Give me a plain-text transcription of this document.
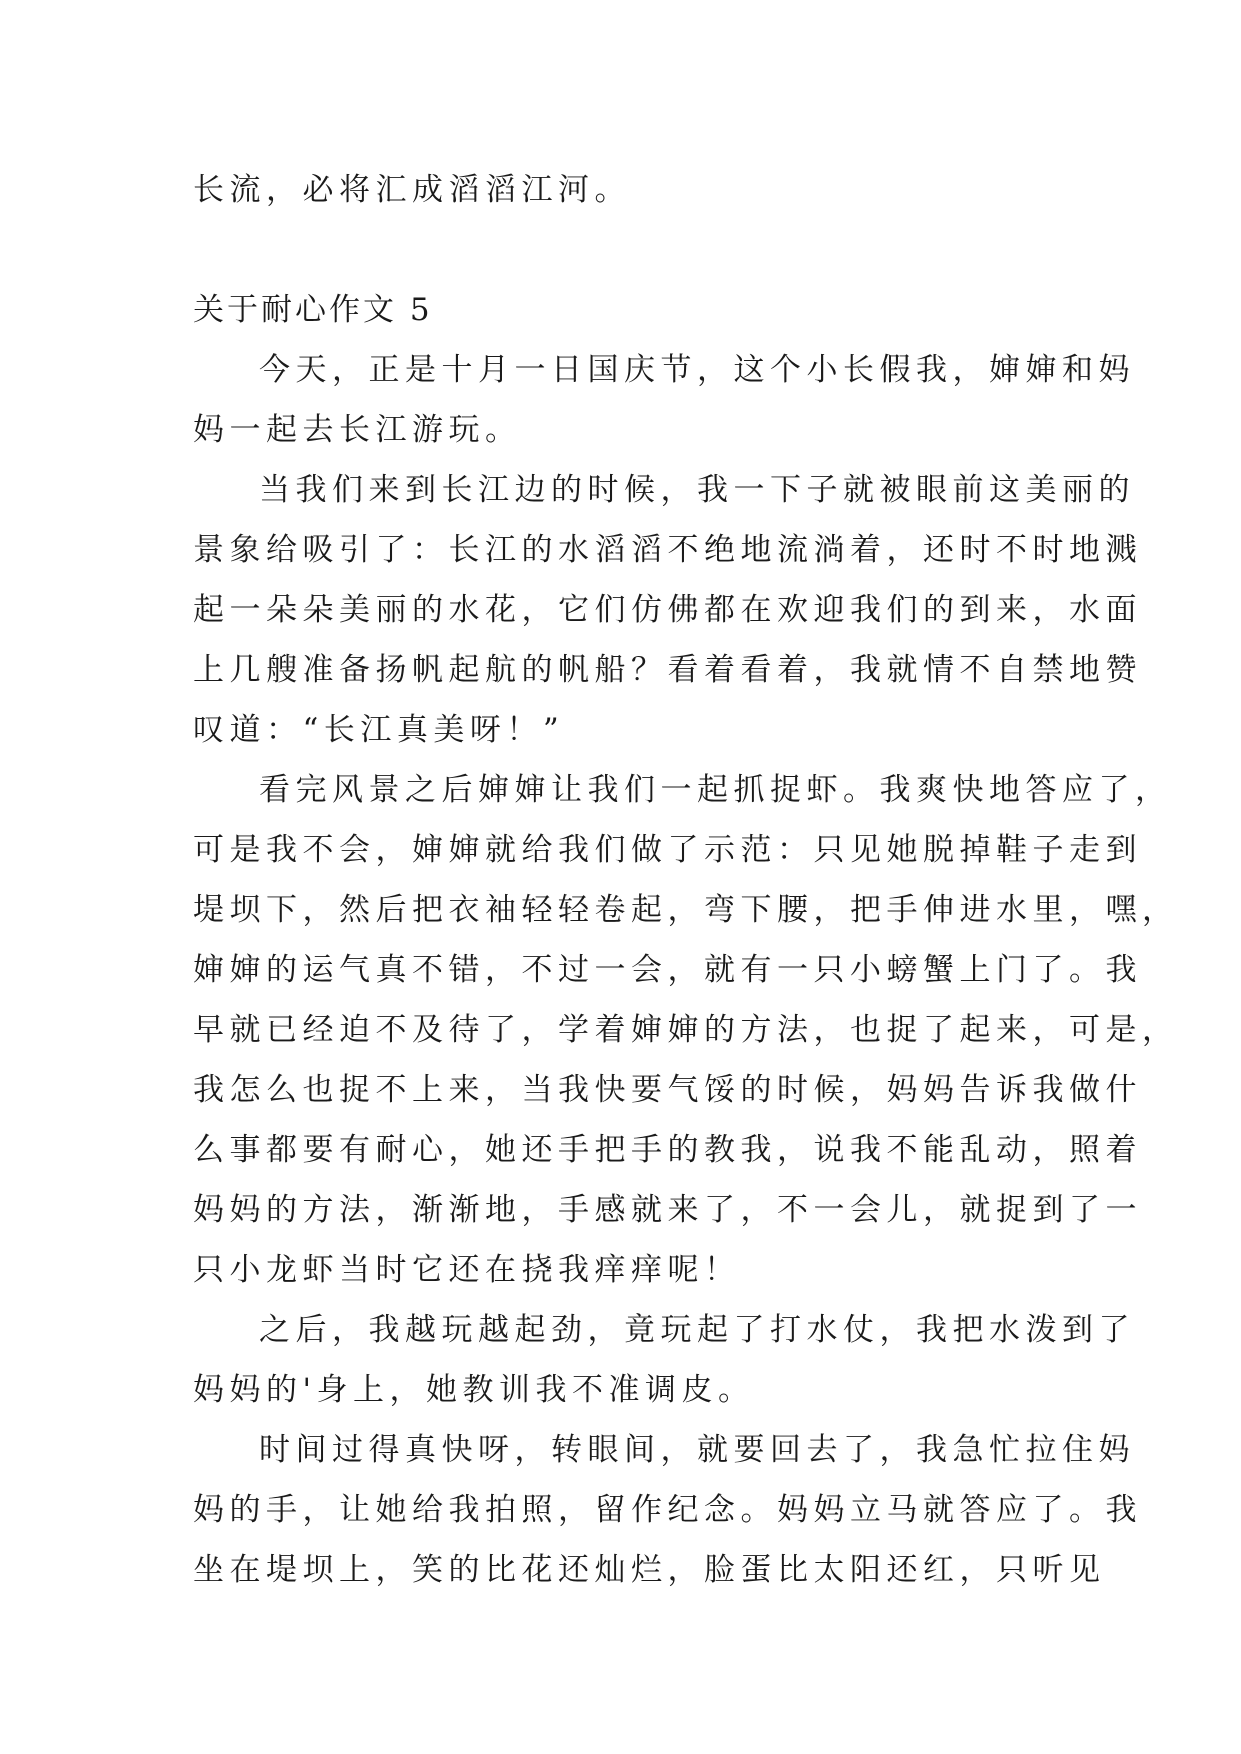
长流，必将汇成滔滔江河。
关于耐心作文 5
今天，正是十月一日国庆节，这个小长假我，婶婶和妈
妈一起去长江游玩。
当我们来到长江边的时候，我一下子就被眼前这美丽的
景象给吸引了：长江的水滔滔不绝地流淌着，还时不时地溅
起一朵朵美丽的水花，它们仿佛都在欢迎我们的到来，水面
上几艘准备扬帆起航的帆船？看着看着，我就情不自禁地赞
叹道：“长江真美呀！”
看完风景之后婶婶让我们一起抓捉虾。我爽快地答应了，
可是我不会，婶婶就给我们做了示范：只见她脱掉鞋子走到
堤坝下，然后把衣袖轻轻卷起，弯下腰，把手伸进水里，嘿，
婶婶的运气真不错，不过一会，就有一只小螃蟹上门了。我
早就已经迫不及待了，学着婶婶的方法，也捉了起来，可是，
我怎么也捉不上来，当我快要气馁的时候，妈妈告诉我做什
么事都要有耐心，她还手把手的教我，说我不能乱动，照着
妈妈的方法，渐渐地，手感就来了，不一会儿，就捉到了一
只小龙虾当时它还在挠我痒痒呢！
之后，我越玩越起劲，竟玩起了打水仗，我把水泼到了
妈妈的'身上，她教训我不准调皮。
时间过得真快呀，转眼间，就要回去了，我急忙拉住妈
妈的手，让她给我拍照，留作纪念。妈妈立马就答应了。我
坐在堤坝上，笑的比花还灿烂，脸蛋比太阳还红，只听见
